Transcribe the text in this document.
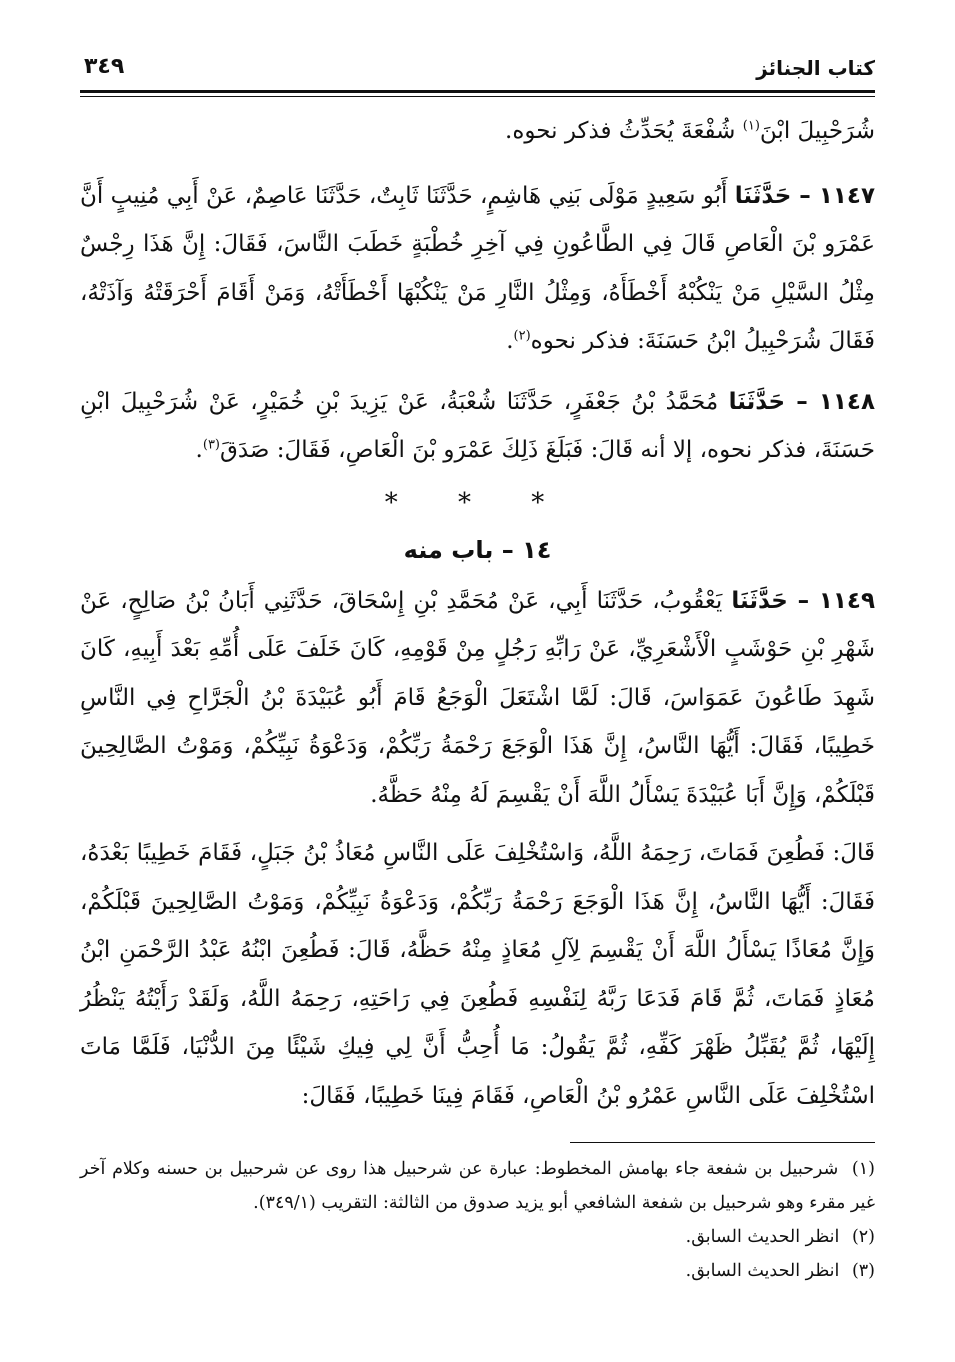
كتاب الجنائز
٣٤٩

شُرَحْبِيلَ ابْنَ$^{(١)}$ شُفْعَةَ يُحَدِّثُ فذكر نحوه.

١١٤٧ – حَدَّثَنَا أَبُو سَعِيدٍ مَوْلَى بَنِي هَاشِمٍ، حَدَّثَنَا ثَابِتٌ، حَدَّثَنَا عَاصِمٌ، عَنْ أَبِي مُنِيبٍ أَنَّ عَمْرَو بْنَ الْعَاصِ قَالَ فِي الطَّاعُونِ فِي آخِرِ خُطْبَةٍ خَطَبَ النَّاسَ، فَقَالَ: إِنَّ هَذَا رِجْسٌ مِثْلُ السَّيْلِ مَنْ يَنْكُبْهُ أَخْطَأَهُ، وَمِثْلُ النَّارِ مَنْ يَنْكُبْهَا أَخْطَأَتْهُ، وَمَنْ أَقَامَ أَحْرَقَتْهُ وَآذَتْهُ، فَقَالَ شُرَحْبِيلُ ابْنُ حَسَنَةَ: فذكر نحوه$^{(٢)}$.

١١٤٨ – حَدَّثَنَا مُحَمَّدُ بْنُ جَعْفَرٍ، حَدَّثَنَا شُعْبَةُ، عَنْ يَزِيدَ بْنِ خُمَيْرٍ، عَنْ شُرَحْبِيلَ ابْنِ حَسَنَةَ، فذكر نحوه، إلا أنه قَالَ: فَبَلَغَ ذَلِكَ عَمْرَو بْنَ الْعَاصِ، فَقَالَ: صَدَقَ$^{(٣)}$.

* * *
١٤ – باب منه

١١٤٩ – حَدَّثَنَا يَعْقُوبُ، حَدَّثَنَا أَبِي، عَنْ مُحَمَّدِ بْنِ إِسْحَاقَ، حَدَّثَنِي أَبَانُ بْنُ صَالِحٍ، عَنْ شَهْرِ بْنِ حَوْشَبٍ الْأَشْعَرِيِّ، عَنْ رَابِّهِ رَجُلٍ مِنْ قَوْمِهِ، كَانَ خَلَفَ عَلَى أُمِّهِ بَعْدَ أَبِيهِ، كَانَ شَهِدَ طَاعُونَ عَمَوَاسَ، قَالَ: لَمَّا اشْتَعَلَ الْوَجَعُ قَامَ أَبُو عُبَيْدَةَ بْنُ الْجَرَّاحِ فِي النَّاسِ خَطِيبًا، فَقَالَ: أَيُّهَا النَّاسُ، إِنَّ هَذَا الْوَجَعَ رَحْمَةُ رَبِّكُمْ، وَدَعْوَةُ نَبِيِّكُمْ، وَمَوْتُ الصَّالِحِينَ قَبْلَكُمْ، وَإِنَّ أَبَا عُبَيْدَةَ يَسْأَلُ اللَّهَ أَنْ يَقْسِمَ لَهُ مِنْهُ حَظَّهُ.

قَالَ: فَطُعِنَ فَمَاتَ، رَحِمَهُ اللَّهُ، وَاسْتُخْلِفَ عَلَى النَّاسِ مُعَاذُ بْنُ جَبَلٍ، فَقَامَ خَطِيبًا بَعْدَهُ، فَقَالَ: أَيُّهَا النَّاسُ، إِنَّ هَذَا الْوَجَعَ رَحْمَةُ رَبِّكُمْ، وَدَعْوَةُ نَبِيِّكُمْ، وَمَوْتُ الصَّالِحِينَ قَبْلَكُمْ، وَإِنَّ مُعَاذًا يَسْأَلُ اللَّهَ أَنْ يَقْسِمَ لِآلِ مُعَاذٍ مِنْهُ حَظَّهُ، قَالَ: فَطُعِنَ ابْنُهُ عَبْدُ الرَّحْمَنِ ابْنُ مُعَاذٍ فَمَاتَ، ثُمَّ قَامَ فَدَعَا رَبَّهُ لِنَفْسِهِ فَطُعِنَ فِي رَاحَتِهِ، رَحِمَهُ اللَّهُ، وَلَقَدْ رَأَيْتُهُ يَنْظُرُ إِلَيْهَا، ثُمَّ يُقَبِّلُ ظَهْرَ كَفِّهِ، ثُمَّ يَقُولُ: مَا أُحِبُّ أَنَّ لِي فِيكِ شَيْئًا مِنَ الدُّنْيَا، فَلَمَّا مَاتَ اسْتُخْلِفَ عَلَى النَّاسِ عَمْرُو بْنُ الْعَاصِ، فَقَامَ فِينَا خَطِيبًا، فَقَالَ:

(١) شرحبيل بن شفعة جاء بهامش المخطوط: عبارة عن شرحبيل هذا روى عن شرحبيل بن حسنه وكلام آخر غير مقرء وهو شرحبيل بن شفعة الشافعي أبو يزيد صدوق من الثالثة: التقريب (٣٤٩/١).

(٢) انظر الحديث السابق.

(٣) انظر الحديث السابق.
